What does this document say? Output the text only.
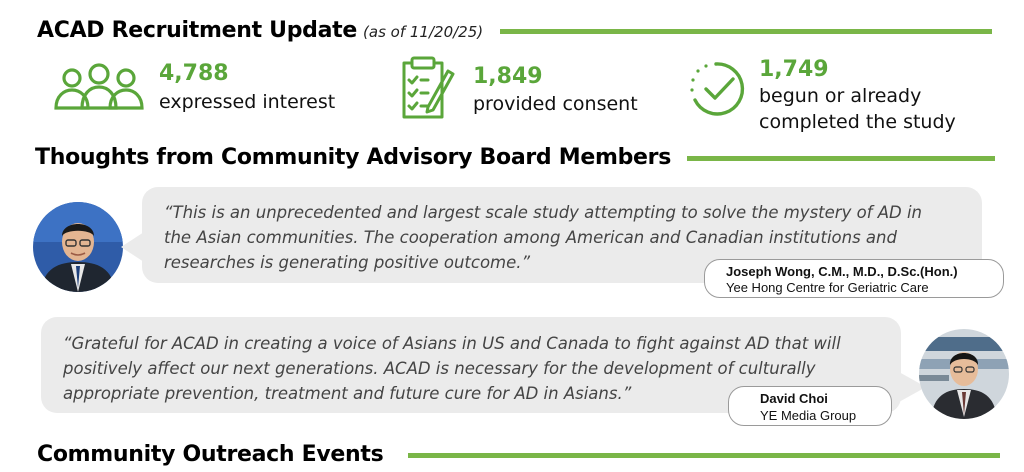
ACAD Recruitment Update (as of 11/20/25)
4,788
expressed interest
1,849
provided consent
1,749
begun or already
completed the study
Thoughts from Community Advisory Board Members
“This is an unprecedented and largest scale study attempting to solve the mystery of AD in
the Asian communities. The cooperation among American and Canadian institutions and
researches is generating positive outcome.”	Joseph Wong, C.M., M.D., D.Sc.(Hon.)
Yee Hong Centre for Geriatric Care
“Grateful for ACAD in creating a voice of Asians in US and Canada to fight against AD that will
positively affect our next generations. ACAD is necessary for the development of culturally
appropriate prevention, treatment and future cure for AD in Asians.”	David Choi
YE Media Group
Community Outreach Events
